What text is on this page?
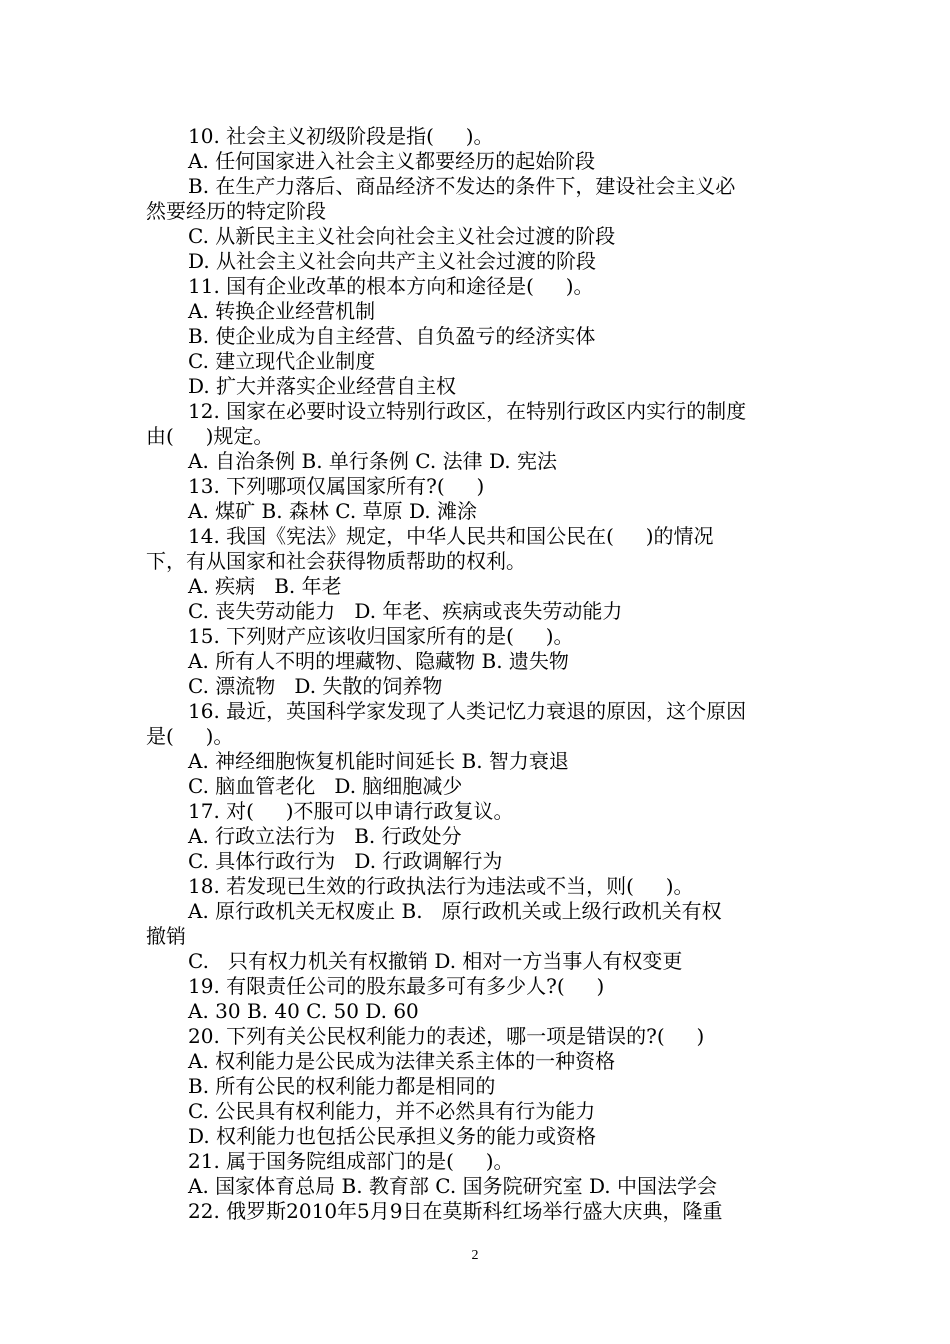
10. 社会主义初级阶段是指(     )。
A. 任何国家进入社会主义都要经历的起始阶段
B. 在生产力落后、商品经济不发达的条件下，建设社会主义必
然要经历的特定阶段
C. 从新民主主义社会向社会主义社会过渡的阶段
D. 从社会主义社会向共产主义社会过渡的阶段
11. 国有企业改革的根本方向和途径是(     )。
A. 转换企业经营机制
B. 使企业成为自主经营、自负盈亏的经济实体
C. 建立现代企业制度
D. 扩大并落实企业经营自主权
12. 国家在必要时设立特别行政区，在特别行政区内实行的制度
由(     )规定。
A. 自治条例 B. 单行条例 C. 法律 D. 宪法
13. 下列哪项仅属国家所有?(     )
A. 煤矿 B. 森林 C. 草原 D. 滩涂
14. 我国《宪法》规定，中华人民共和国公民在(     )的情况
下，有从国家和社会获得物质帮助的权利。
A. 疾病   B. 年老
C. 丧失劳动能力   D. 年老、疾病或丧失劳动能力
15. 下列财产应该收归国家所有的是(     )。
A. 所有人不明的埋藏物、隐藏物 B. 遗失物
C. 漂流物   D. 失散的饲养物
16. 最近，英国科学家发现了人类记忆力衰退的原因，这个原因
是(     )。
A. 神经细胞恢复机能时间延长 B. 智力衰退
C. 脑血管老化   D. 脑细胞减少
17. 对(     )不服可以申请行政复议。
A. 行政立法行为   B. 行政处分
C. 具体行政行为   D. 行政调解行为
18. 若发现已生效的行政执法行为违法或不当，则(     )。
A. 原行政机关无权废止 B.   原行政机关或上级行政机关有权
撤销
C.   只有权力机关有权撤销 D. 相对一方当事人有权变更
19. 有限责任公司的股东最多可有多少人?(     )
A. 30 B. 40 C. 50 D. 60
20. 下列有关公民权利能力的表述，哪一项是错误的?(     )
A. 权利能力是公民成为法律关系主体的一种资格
B. 所有公民的权利能力都是相同的
C. 公民具有权利能力，并不必然具有行为能力
D. 权利能力也包括公民承担义务的能力或资格
21. 属于国务院组成部门的是(     )。
A. 国家体育总局 B. 教育部 C. 国务院研究室 D. 中国法学会
22. 俄罗斯2010年5月9日在莫斯科红场举行盛大庆典，隆重
2
